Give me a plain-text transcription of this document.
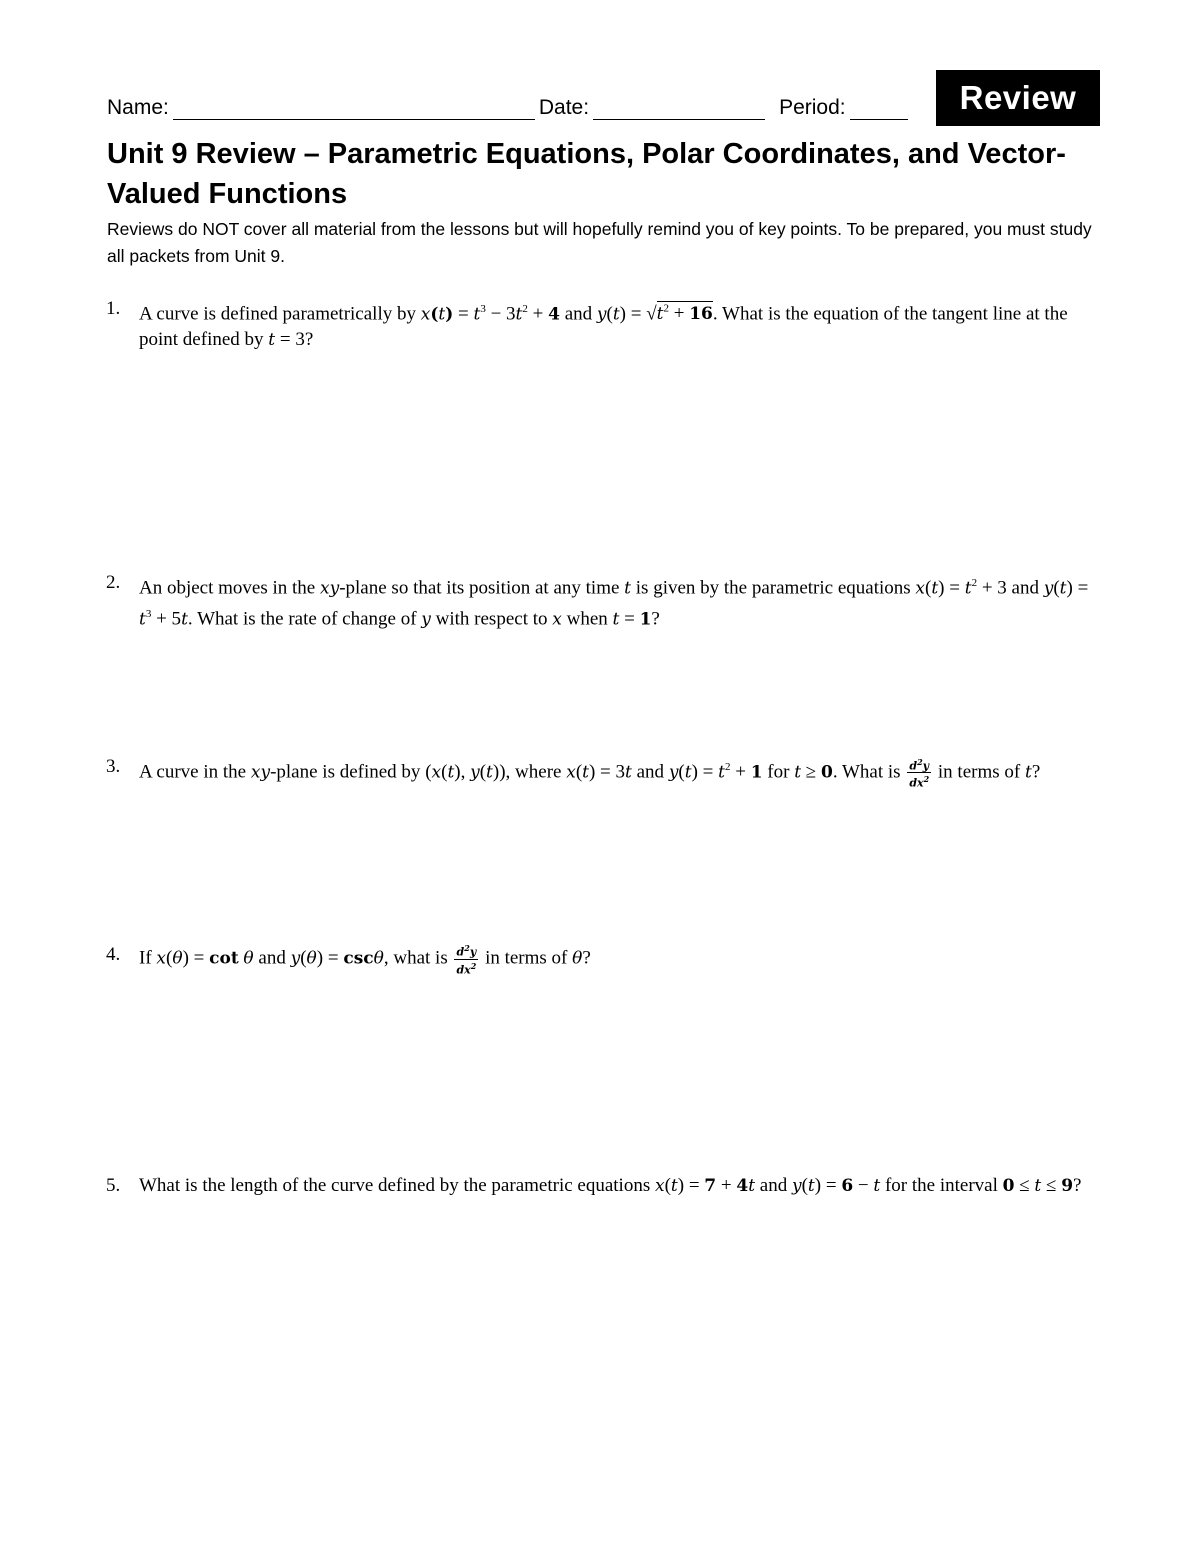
Name:	Date:	Period:	Review
Unit 9 Review – Parametric Equations, Polar Coordinates, and Vector-Valued Functions

Reviews do NOT cover all material from the lessons but will hopefully remind you of key points. To be prepared, you must study all packets from Unit 9.

1. A curve is defined parametrically by $x(t) = t^3 - 3t^2 + 4$ and $y(t) = √t^2 + 16$. What is the equation of the tangent line at the point defined by t = 3?
2. An object moves in the xy-plane so that its position at any time t is given by the parametric equations $x(t) = t^2 + 3$ and $y(t) = t^3 + 5t$. What is the rate of change of y with respect to x when t = 1?
3. A curve in the xy-plane is defined by (x(t), y(t)), where x(t) = 3t and $y(t) = t^2 + 1$ for t ≥ 0. What is $\frac{d^2y}{dx^2}$ in terms of t?
4. If x(θ) = cot θ and y(θ) = cscθ, what is $\frac{d^2y}{dx^2}$ in terms of θ?
5. What is the length of the curve defined by the parametric equations x(t) = 7 + 4t and y(t) = 6 − t for the interval 0 ≤ t ≤ 9?
